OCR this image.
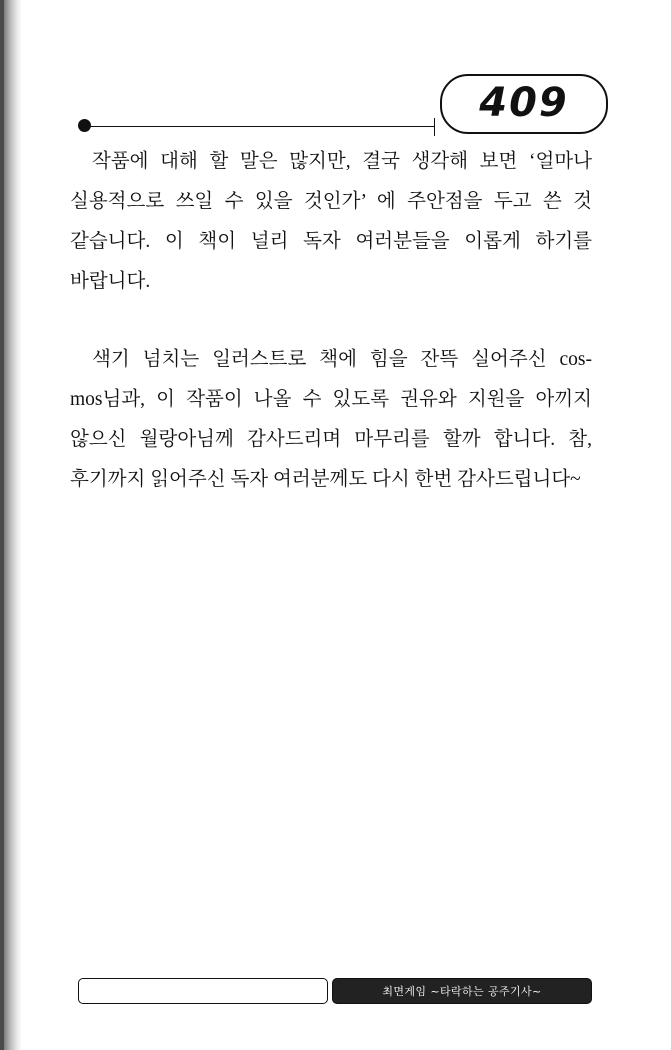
409

작품에 대해 할 말은 많지만, 결국 생각해 보면 ‘얼마나 실용적으로 쓰일 수 있을 것인가’ 에 주안점을 두고 쓴 것 같습니다. 이 책이 널리 독자 여러분들을 이롭게 하기를 바랍니다.

색기 넘치는 일러스트로 책에 힘을 잔뜩 실어주신 cos-mos님과, 이 작품이 나올 수 있도록 권유와 지원을 아끼지 않으신 월랑아님께 감사드리며 마무리를 할까 합니다. 참, 후기까지 읽어주신 독자 여러분께도 다시 한번 감사드립니다~

최면게임 ~타락하는 공주기사~
